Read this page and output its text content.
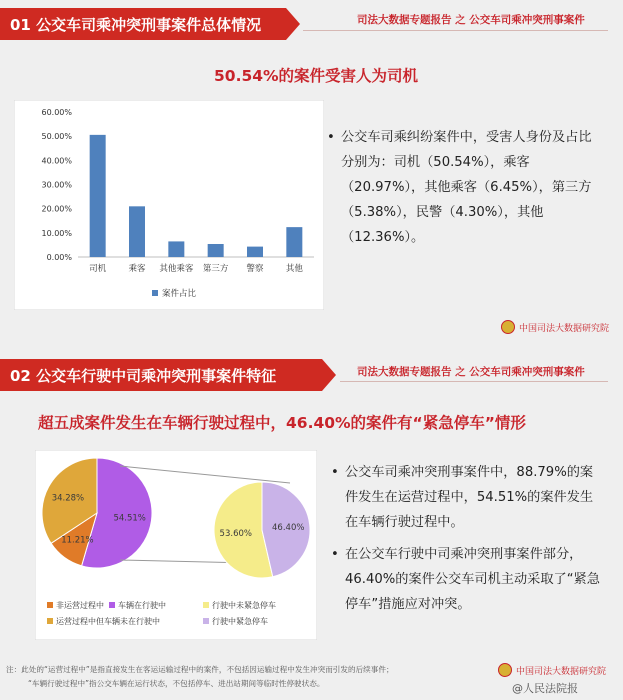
01 公交车司乘冲突刑事案件总体情况	司法大数据专题报告 之 公交车司乘冲突刑事案件
50.54%的案件受害人为司机
0.00%
10.00%
20.00%
30.00%
40.00%
50.00%
60.00%
司机	乘客 其他乘客 第三方 警察	其他
案件占比
• 公交车司乘纠纷案件中，受害人身份及占比分别为：司机（50.54%），乘客（20.97%），其他乘客（6.45%），第三方（5.38%），民警（4.30%），其他（12.36%）。
中国司法大数据研究院
02 公交车行驶中司乘冲突刑事案件特征	司法大数据专题报告 之 公交车司乘冲突刑事案件
超五成案件发生在车辆行驶过程中，46.40%的案件有“紧急停车”情形
54.51%
11.21%
34.28%
非运营过程中 车辆在行驶中	行驶中未紧急停车
运营过程中但车辆未在行驶中	行驶中紧急停车
53.60%
46.40%
• 公交车司乘冲突刑事案件中，88.79%的案件发生在运营过程中，54.51%的案件发生在车辆行驶过程中。
• 在公交车行驶中司乘冲突刑事案件部分，46.40%的案件公交车司机主动采取了“紧急停车”措施应对冲突。
注：此处的“运营过程中”是指直接发生在客运运输过程中的案件，不包括因运输过程中发生冲突而引发的后续事件；
“车辆行驶过程中”指公交车辆在运行状态，不包括停车、进出站期间等临时性停驶状态。
中国司法大数据研究院
@人民法院报
